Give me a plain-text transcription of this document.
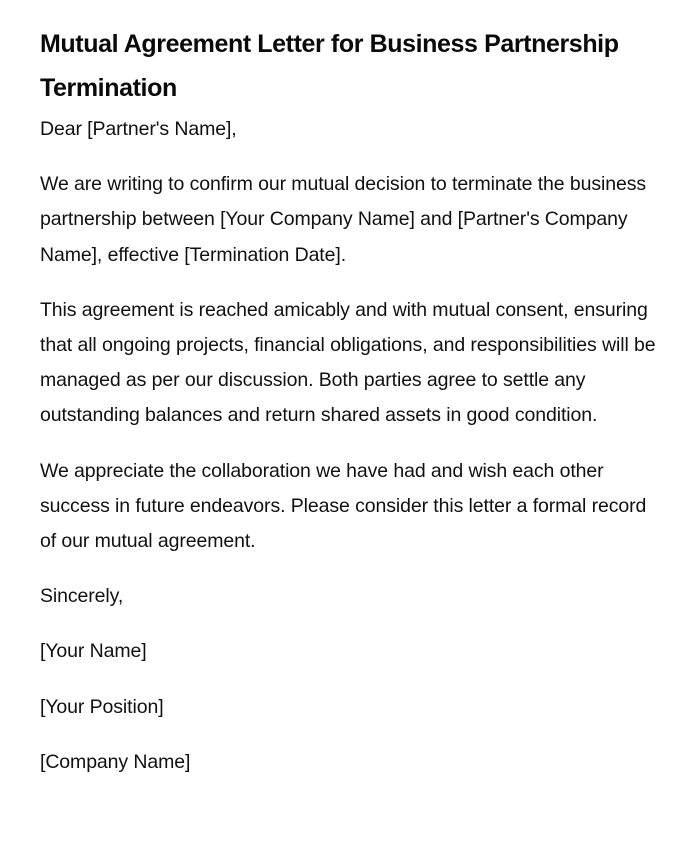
Mutual Agreement Letter for Business Partnership Termination

Dear [Partner's Name],

We are writing to confirm our mutual decision to terminate the business partnership between [Your Company Name] and [Partner's Company Name], effective [Termination Date].

This agreement is reached amicably and with mutual consent, ensuring that all ongoing projects, financial obligations, and responsibilities will be managed as per our discussion. Both parties agree to settle any outstanding balances and return shared assets in good condition.

We appreciate the collaboration we have had and wish each other success in future endeavors. Please consider this letter a formal record of our mutual agreement.

Sincerely,

[Your Name]

[Your Position]

[Company Name]
